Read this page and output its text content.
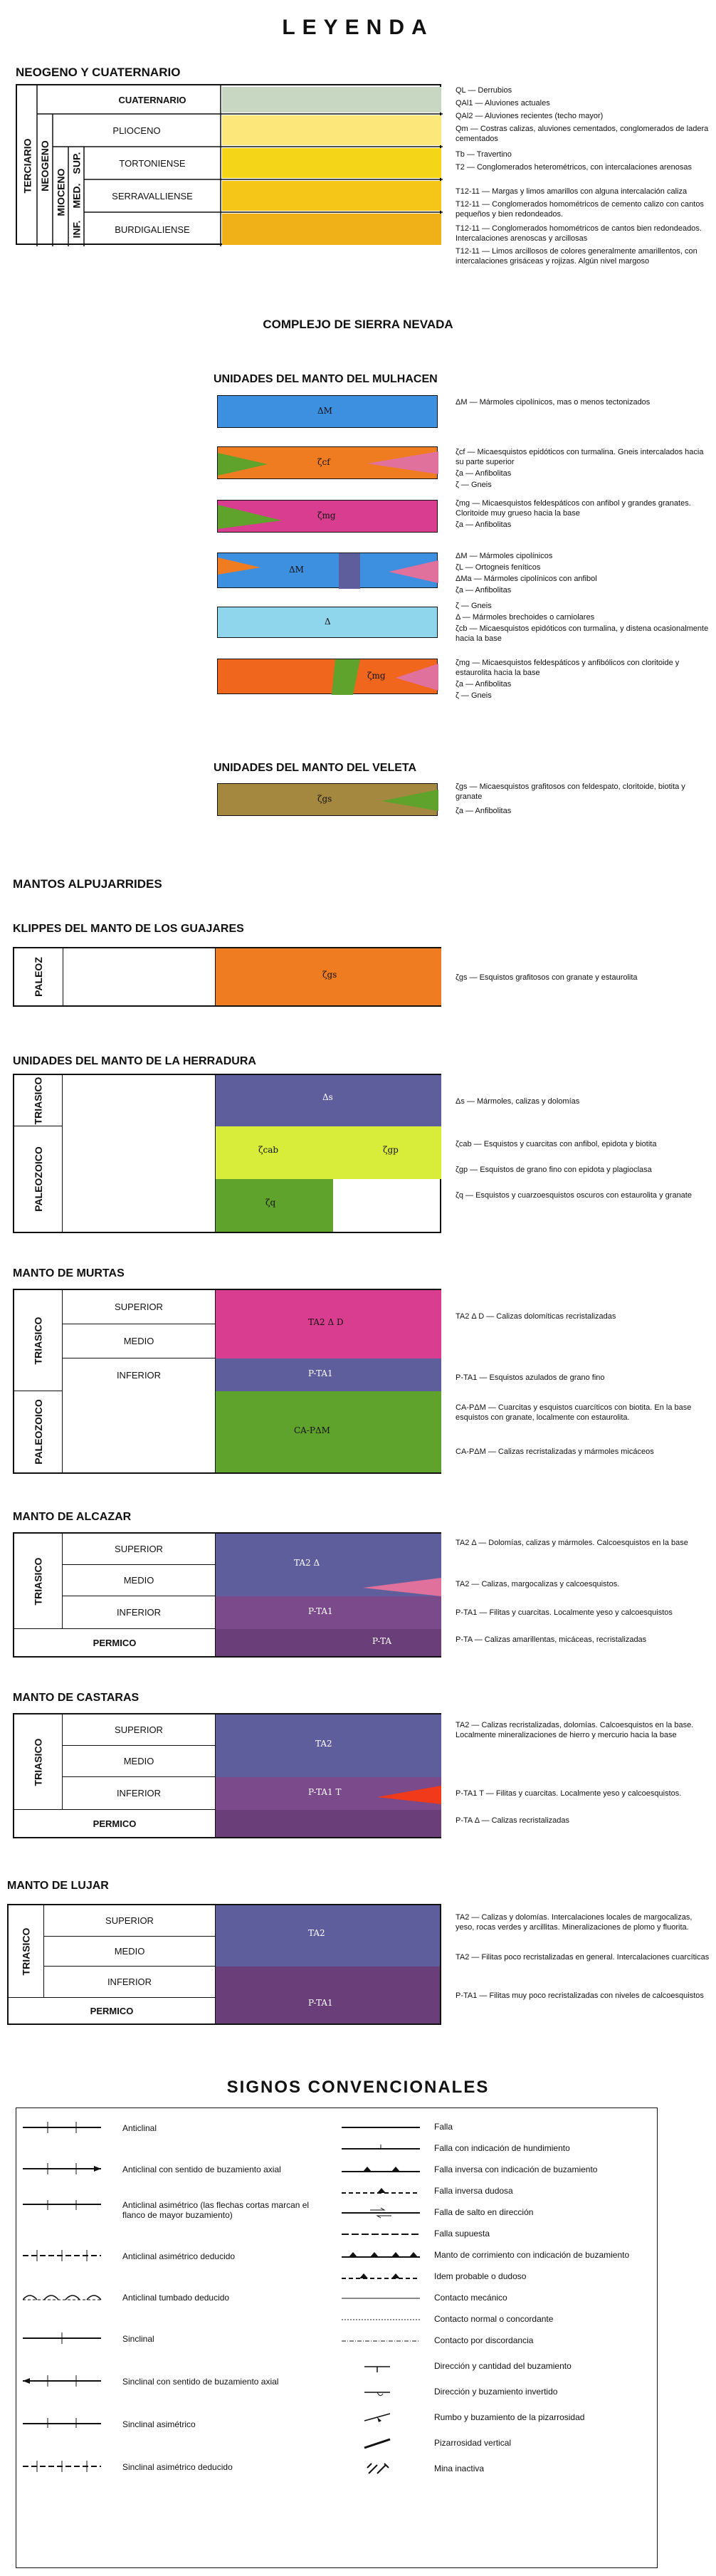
LEYENDA
NEOGENO Y CUATERNARIO
TERCIARIO NEOGENO
MIOCENO
SUP.
MED.
INF.
CUATERNARIO
PLIOCENO
TORTONIENSE
SERRAVALLIENSE
BURDIGALIENSE
QL — Derrubios
QAl1 — Aluviones actuales
QAl2 — Aluviones recientes (techo mayor)
Qm — Costras calizas, aluviones cementados, conglomerados de ladera cementados
Tb — Travertino
T2 — Conglomerados heterométricos, con intercalaciones arenosas
T12-11 — Margas y limos amarillos con alguna intercalación caliza
T12-11 — Conglomerados homométricos de cemento calizo con cantos pequeños y bien redondeados.
T12-11 — Conglomerados homométricos de cantos bien redondeados. Intercalaciones arenoscas y arcillosas
T12-11 — Limos arcillosos de colores generalmente amarillentos, con intercalaciones grisáceas y rojizas. Algún nivel margoso
COMPLEJO DE SIERRA NEVADA
UNIDADES DEL MANTO DEL MULHACEN
ΔM
ζcf
ζmg
ΔM
Δ
ζmg
ΔM — Mármoles cipolínicos, mas o menos tectonizados
ζcf — Micaesquistos epidóticos con turmalina. Gneis intercalados hacia su parte superior
ζa — Anfibolitas
ζ — Gneis
ζmg — Micaesquistos feldespáticos con anfibol y grandes granates. Cloritoide muy grueso hacia la base
ζa — Anfibolitas
ΔM — Mármoles cipolínicos
ζL — Ortogneis feníticos
ΔMa — Mármoles cipolínicos con anfibol
ζa — Anfibolitas
ζ — Gneis
Δ — Mármoles brechoides o carniolares
ζcb — Micaesquistos epidóticos con turmalina, y distena ocasionalmente hacia la base
ζmg — Micaesquistos feldespáticos y anfibólicos con cloritoide y estaurolita hacia la base
ζa — Anfibolitas
ζ — Gneis
UNIDADES DEL MANTO DEL VELETA
ζgs
ζgs — Micaesquistos grafitosos con feldespato, cloritoide, biotita y granate
ζa — Anfibolitas
MANTOS ALPUJARRIDES
KLIPPES DEL MANTO DE LOS GUAJARES
PALEOZ	ζgs	ζgs — Esquistos grafitosos con granate y estaurolita
UNIDADES DEL MANTO DE LA HERRADURA
TRIASICO
PALEOZOICO
Δs
ζcab	ζgp
ζq
Δs — Mármoles, calizas y dolomías
ζcab — Esquistos y cuarcitas con anfibol, epidota y biotita
ζgp — Esquistos de grano fino con epidota y plagioclasa
ζq — Esquistos y cuarzoesquistos oscuros con estaurolita y granate
MANTO DE MURTAS
TRIASICO
PALEOZOICO
SUPERIOR
MEDIO
INFERIOR
TA2 Δ D
P-TA1
CA-PΔM
TA2 Δ D — Calizas dolomíticas recristalizadas
P-TA1 — Esquistos azulados de grano fino
CA-PΔM — Cuarcitas y esquistos cuarcíticos con biotita. En la base esquistos con granate, localmente con estaurolita.
CA-PΔM — Calizas recristalizadas y mármoles micáceos
MANTO DE ALCAZAR
TRIASICO
SUPERIOR
MEDIO
INFERIOR
PERMICO
TA2 Δ
P-TA1
P-TA
TA2 Δ — Dolomías, calizas y mármoles. Calcoesquistos en la base
TA2 — Calizas, margocalizas y calcoesquistos.
P-TA1 — Filitas y cuarcitas. Localmente yeso y calcoesquistos
P-TA — Calizas amarillentas, micáceas, recristalizadas
MANTO DE CASTARAS
TRIASICO
SUPERIOR
MEDIO
INFERIOR
PERMICO
TA2
P-TA1 T
TA2 — Calizas recristalizadas, dolomías. Calcoesquistos en la base. Localmente mineralizaciones de hierro y mercurio hacia la base
P-TA1 T — Filitas y cuarcitas. Localmente yeso y calcoesquistos.
P-TA Δ — Calizas recristalizadas
MANTO DE LUJAR
TRIASICO
SUPERIOR
MEDIO
INFERIOR
PERMICO
TA2
P-TA1
TA2 — Calizas y dolomías. Intercalaciones locales de margocalizas, yeso, rocas verdes y arcillitas. Mineralizaciones de plomo y fluorita.
TA2 — Filitas poco recristalizadas en general. Intercalaciones cuarcíticas
P-TA1 — Filitas muy poco recristalizadas con niveles de calcoesquistos
SIGNOS CONVENCIONALES
Anticlinal
Anticlinal con sentido de buzamiento axial
Anticlinal asimétrico (las flechas cortas marcan el flanco de mayor buzamiento)
Anticlinal asimétrico deducido
Anticlinal tumbado deducido
Sinclinal
Sinclinal con sentido de buzamiento axial
Sinclinal asimétrico
Sinclinal asimétrico deducido
Falla
Falla con indicación de hundimiento
Falla inversa con indicación de buzamiento
Falla inversa dudosa
Falla de salto en dirección
Falla supuesta
Manto de corrimiento con indicación de buzamiento
Idem probable o dudoso
Contacto mecánico
Contacto normal o concordante
Contacto por discordancia
Dirección y cantidad del buzamiento
Dirección y buzamiento invertido
Rumbo y buzamiento de la pizarrosidad
Pizarrosidad vertical
Mina inactiva
